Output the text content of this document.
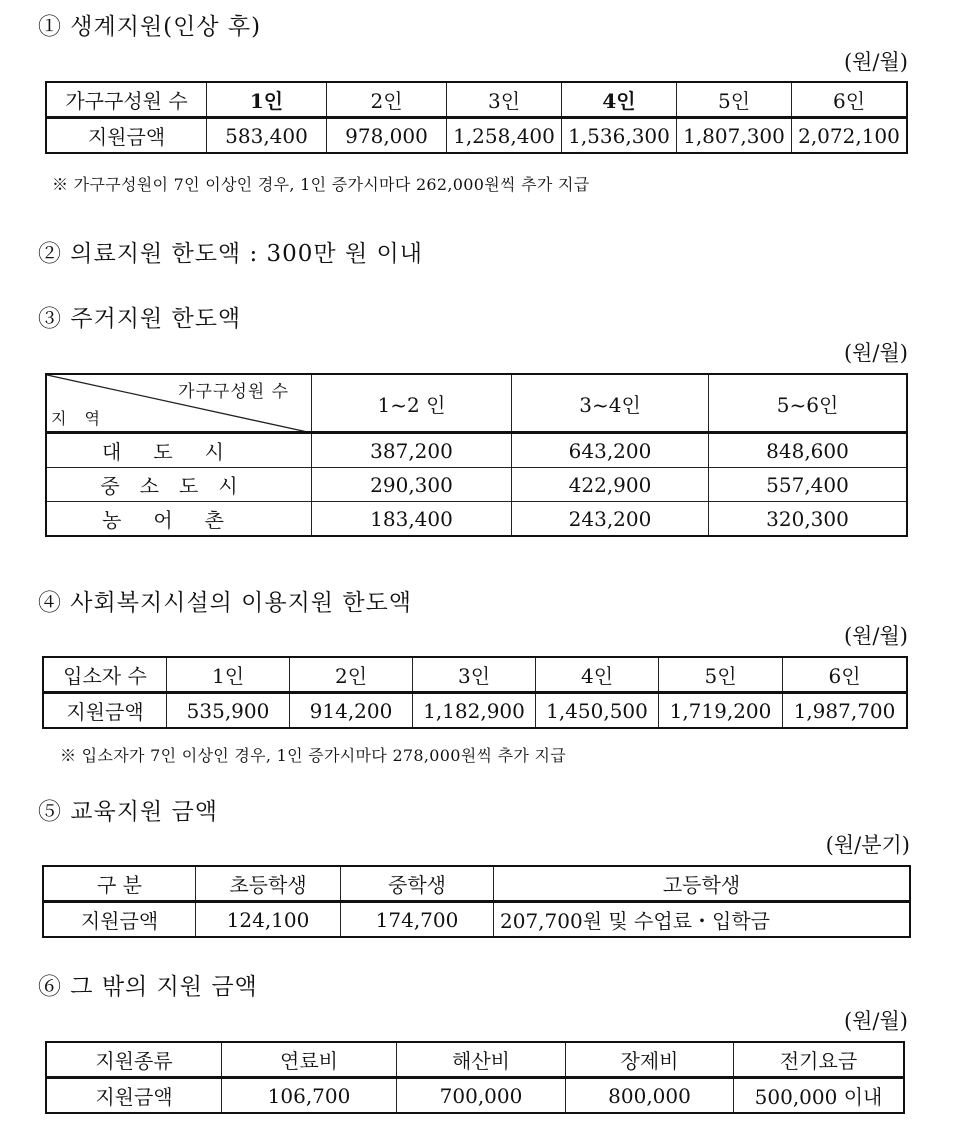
① 생계지원(인상 후)
(원/월)
가구구성원 수	1인	2인	3인	4인	5인	6인
지원금액	583,400	978,000	1,258,400	1,536,300	1,807,300	2,072,100
※ 가구구성원이 7인 이상인 경우, 1인 증가시마다 262,000원씩 추가 지급
② 의료지원 한도액 : 300만 원 이내
③ 주거지원 한도액
(원/월)
가구구성원 수
지역	1~2 인	3~4인	5~6인
대도시	387,200	643,200	848,600
중소도시	290,300	422,900	557,400
농어촌	183,400	243,200	320,300
④ 사회복지시설의 이용지원 한도액
(원/월)
입소자 수	1인	2인	3인	4인	5인	6인
지원금액	535,900	914,200	1,182,900	1,450,500	1,719,200	1,987,700
※ 입소자가 7인 이상인 경우, 1인 증가시마다 278,000원씩 추가 지급
⑤ 교육지원 금액
(원/분기)
구 분	초등학생	중학생	고등학생
지원금액	124,100	174,700	207,700원 및 수업료・입학금
⑥ 그 밖의 지원 금액
(원/월)
지원종류	연료비	해산비	장제비	전기요금
지원금액	106,700	700,000	800,000	500,000 이내
